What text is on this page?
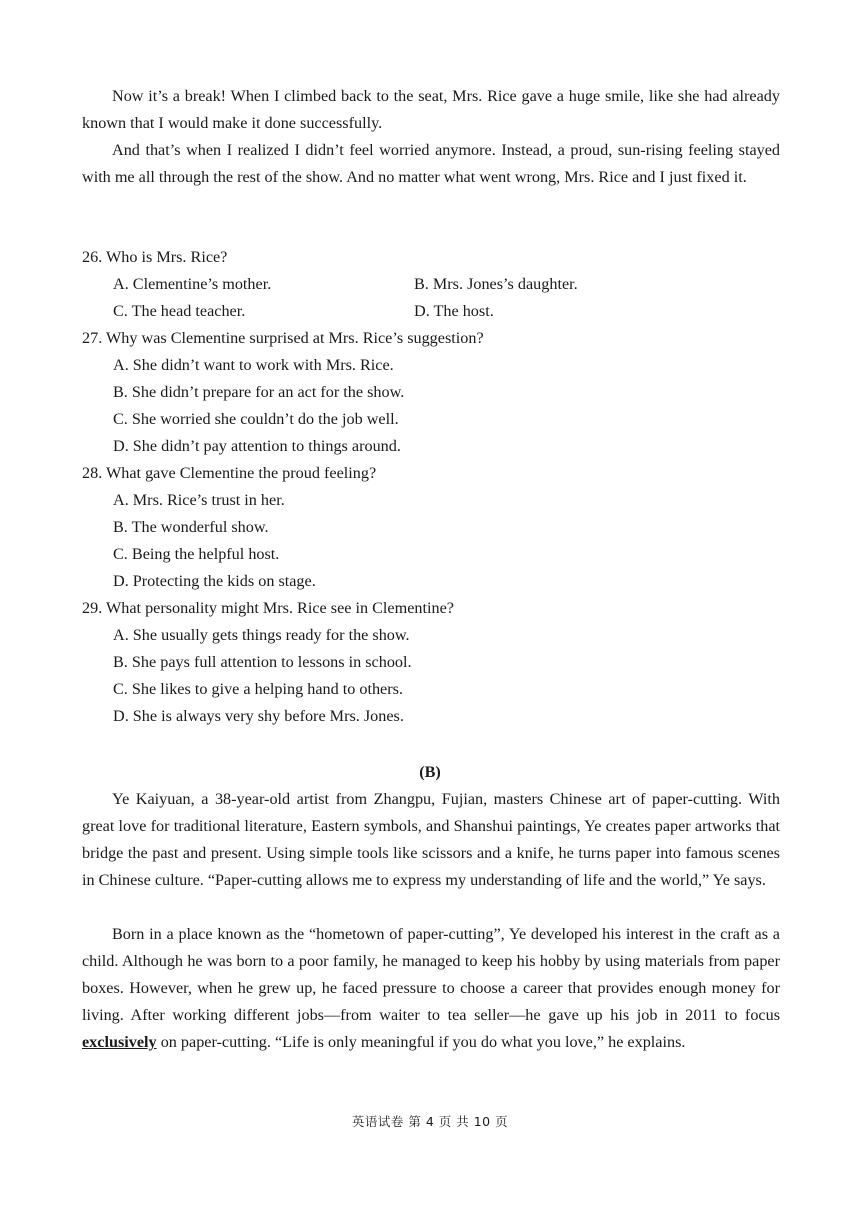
Now it’s a break! When I climbed back to the seat, Mrs. Rice gave a huge smile, like she had already known that I would make it done successfully.

And that’s when I realized I didn’t feel worried anymore. Instead, a proud, sun-rising feeling stayed with me all through the rest of the show. And no matter what went wrong, Mrs. Rice and I just fixed it.

26. Who is Mrs. Rice?
A. Clementine’s mother.	B. Mrs. Jones’s daughter.
C. The head teacher.	D. The host.
27. Why was Clementine surprised at Mrs. Rice’s suggestion?
A. She didn’t want to work with Mrs. Rice.
B. She didn’t prepare for an act for the show.
C. She worried she couldn’t do the job well.
D. She didn’t pay attention to things around.
28. What gave Clementine the proud feeling?
A. Mrs. Rice’s trust in her.
B. The wonderful show.
C. Being the helpful host.
D. Protecting the kids on stage.
29. What personality might Mrs. Rice see in Clementine?
A. She usually gets things ready for the show.
B. She pays full attention to lessons in school.
C. She likes to give a helping hand to others.
D. She is always very shy before Mrs. Jones.
(B)

Ye Kaiyuan, a 38-year-old artist from Zhangpu, Fujian, masters Chinese art of paper-cutting. With great love for traditional literature, Eastern symbols, and Shanshui paintings, Ye creates paper artworks that bridge the past and present. Using simple tools like scissors and a knife, he turns paper into famous scenes in Chinese culture. “Paper-cutting allows me to express my understanding of life and the world,” Ye says.

Born in a place known as the “hometown of paper-cutting”, Ye developed his interest in the craft as a child. Although he was born to a poor family, he managed to keep his hobby by using materials from paper boxes. However, when he grew up, he faced pressure to choose a career that provides enough money for living. After working different jobs—from waiter to tea seller—he gave up his job in 2011 to focus exclusively on paper-cutting. “Life is only meaningful if you do what you love,” he explains.

英语试卷 第 4 页 共 10 页
